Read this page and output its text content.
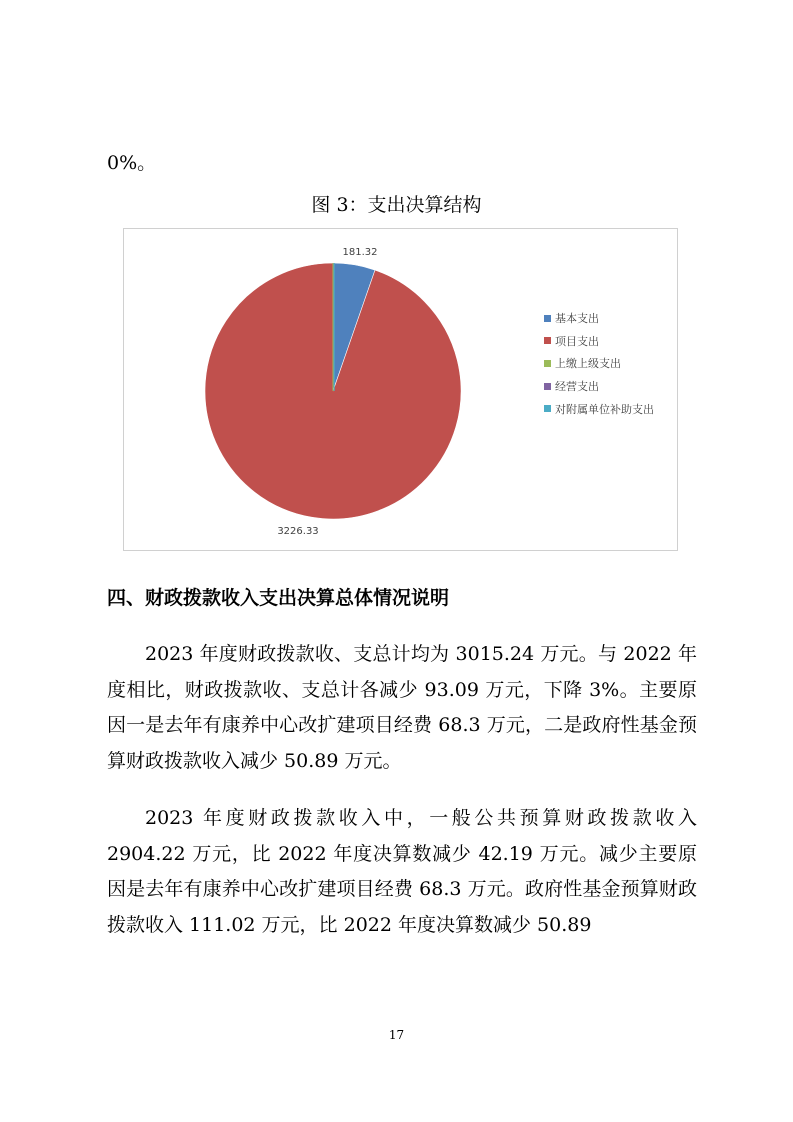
0%。
图 3：支出决算结构
181.32
3226.33
基本支出
项目支出
上缴上级支出
经营支出
对附属单位补助支出
四、财政拨款收入支出决算总体情况说明

2023 年度财政拨款收、支总计均为 3015.24 万元。与 2022 年度相比，财政拨款收、支总计各减少 93.09 万元，下降 3%。主要原因一是去年有康养中心改扩建项目经费 68.3 万元，二是政府性基金预算财政拨款收入减少 50.89 万元。

2023 年度财政拨款收入中，一般公共预算财政拨款收入 2904.22 万元，比 2022 年度决算数减少 42.19 万元。减少主要原因是去年有康养中心改扩建项目经费 68.3 万元。政府性基金预算财政拨款收入 111.02 万元，比 2022 年度决算数减少 50.89

17
